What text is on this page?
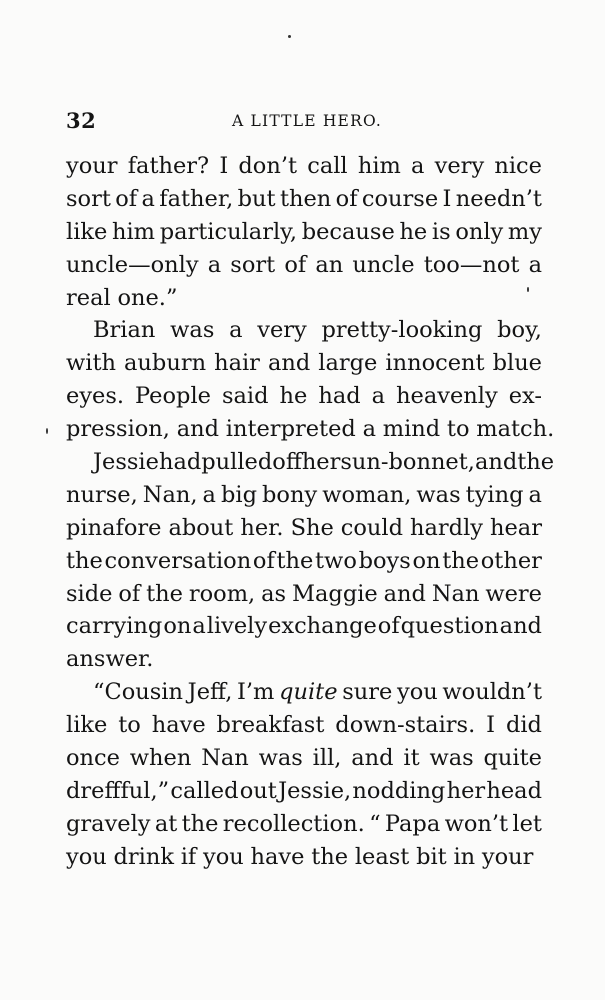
32	A LITTLE HERO.
your father? I don’t call him a very nice
sort of a father, but then of course I needn’t
like him particularly, because he is only my
uncle—only a sort of an uncle too—not a
real one.”
Brian was a very pretty-looking boy,
with auburn hair and large innocent blue
eyes. People said he had a heavenly ex-
pression, and interpreted a mind to match.
Jessie had pulled off her sun-bonnet, and the
nurse, Nan, a big bony woman, was tying a
pinafore about her. She could hardly hear
the conversation of the two boys on the other
side of the room, as Maggie and Nan were
carrying on a lively exchange of question and
answer.
“Cousin Jeff, I’m quite sure you wouldn’t
like to have breakfast down-stairs. I did
once when Nan was ill, and it was quite
dreffful,” called out Jessie, nodding her head
gravely at the recollection. “ Papa won’t let
you drink if you have the least bit in your
